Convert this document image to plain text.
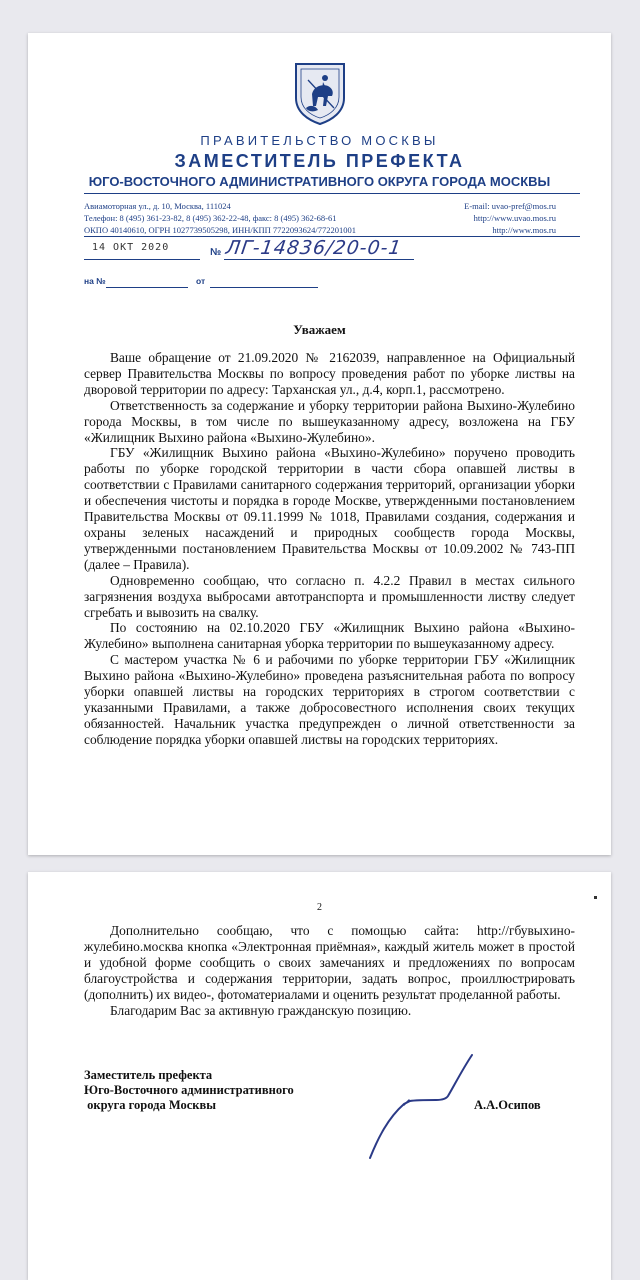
ПРАВИТЕЛЬСТВО МОСКВЫ
ЗАМЕСТИТЕЛЬ ПРЕФЕКТА
ЮГО-ВОСТОЧНОГО АДМИНИСТРАТИВНОГО ОКРУГА ГОРОДА МОСКВЫ
Авиамоторная ул., д. 10, Москва, 111024
Телефон: 8 (495) 361-23-82, 8 (495) 362-22-48, факс: 8 (495) 362-68-61
ОКПО 40140610, ОГРН 1027739505298, ИНН/КПП 7722093624/772201001
E-mail: uvao-pref@mos.ru
http://www.uvao.mos.ru
http://www.mos.ru
14 ОКТ 2020	№ ЛГ-14836/20-0-1
на №	от
Уважаем

Ваше обращение от 21.09.2020 № 2162039, направленное на Официальный сервер Правительства Москвы по вопросу проведения работ по уборке листвы на дворовой территории по адресу: Тарханская ул., д.4, корп.1, рассмотрено.

Ответственность за содержание и уборку территории района Выхино-Жулебино города Москвы, в том числе по вышеуказанному адресу, возложена на ГБУ «Жилищник Выхино района «Выхино-Жулебино».

ГБУ «Жилищник Выхино района «Выхино-Жулебино» поручено проводить работы по уборке городской территории в части сбора опавшей листвы в соответствии с Правилами санитарного содержания территорий, организации уборки и обеспечения чистоты и порядка в городе Москве, утвержденными постановлением Правительства Москвы от 09.11.1999 № 1018, Правилами создания, содержания и охраны зеленых насаждений и природных сообществ города Москвы, утвержденными постановлением Правительства Москвы от 10.09.2002 № 743-ПП (далее – Правила).

Одновременно сообщаю, что согласно п. 4.2.2 Правил в местах сильного загрязнения воздуха выбросами автотранспорта и промышленности листву следует сгребать и вывозить на свалку.

По состоянию на 02.10.2020 ГБУ «Жилищник Выхино района «Выхино-Жулебино» выполнена санитарная уборка территории по вышеуказанному адресу.

С мастером участка № 6 и рабочими по уборке территории ГБУ «Жилищник Выхино района «Выхино-Жулебино» проведена разъяснительная работа по вопросу уборки опавшей листвы на городских территориях в строгом соответствии с указанными Правилами, а также добросовестного исполнения своих текущих обязанностей. Начальник участка предупрежден о личной ответственности за соблюдение порядка уборки опавшей листвы на городских территориях.

2

Дополнительно сообщаю, что с помощью сайта: http://гбувыхино-жулебино.москва кнопка «Электронная приёмная», каждый житель может в простой и удобной форме сообщить о своих замечаниях и предложениях по вопросам благоустройства и содержания территории, задать вопрос, проиллюстрировать (дополнить) их видео-, фотоматериалами и оценить результат проделанной работы.

Благодарим Вас за активную гражданскую позицию.

Заместитель префекта
Юго-Восточного административного
округа города Москвы	А.А.Осипов
